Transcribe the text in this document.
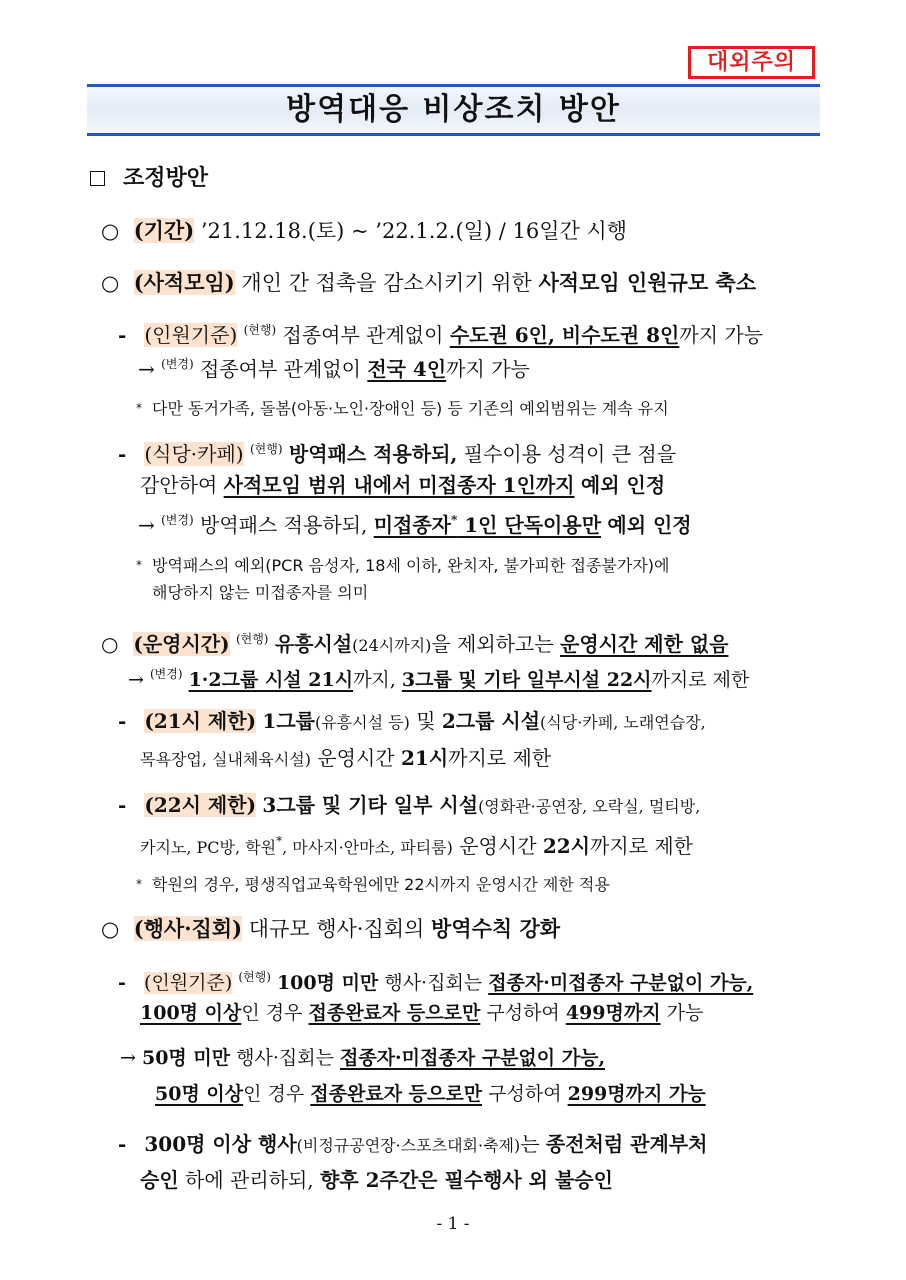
대외주의
방역대응 비상조치 방안
조정방안
○ (기간) ’21.12.18.(토) ~ ’22.1.2.(일) / 16일간 시행
○ (사적모임) 개인 간 접촉을 감소시키기 위한 사적모임 인원규모 축소
- (인원기준) $^{(현행)}$ 접종여부 관계없이 수도권 6인, 비수도권 8인까지 가능
→ $^{(변경)}$ 접종여부 관계없이 전국 4인까지 가능
* 다만 동거가족, 돌봄(아동·노인·장애인 등) 등 기존의 예외범위는 계속 유지
- (식당·카페) $^{(현행)}$ 방역패스 적용하되, 필수이용 성격이 큰 점을
감안하여 사적모임 범위 내에서 미접종자 1인까지 예외 인정
→ $^{(변경)}$ 방역패스 적용하되, 미접종자* 1인 단독이용만 예외 인정
* 방역패스의 예외(PCR 음성자, 18세 이하, 완치자, 불가피한 접종불가자)에
해당하지 않는 미접종자를 의미
○ (운영시간) $^{(현행)}$ 유흥시설(24시까지)을 제외하고는 운영시간 제한 없음
→ $^{(변경)}$ 1·2그룹 시설 21시까지, 3그룹 및 기타 일부시설 22시까지로 제한
- (21시 제한) 1그룹(유흥시설 등) 및 2그룹 시설(식당·카페, 노래연습장,
목욕장업, 실내체육시설) 운영시간 21시까지로 제한
- (22시 제한) 3그룹 및 기타 일부 시설(영화관·공연장, 오락실, 멀티방,
카지노, PC방, 학원*, 마사지·안마소, 파티룸) 운영시간 22시까지로 제한
* 학원의 경우, 평생직업교육학원에만 22시까지 운영시간 제한 적용
○ (행사·집회) 대규모 행사·집회의 방역수칙 강화
- (인원기준) $^{(현행)}$ 100명 미만 행사·집회는 접종자·미접종자 구분없이 가능,
100명 이상인 경우 접종완료자 등으로만 구성하여 499명까지 가능
→ 50명 미만 행사·집회는 접종자·미접종자 구분없이 가능,
50명 이상인 경우 접종완료자 등으로만 구성하여 299명까지 가능
- 300명 이상 행사(비정규공연장·스포츠대회·축제)는 종전처럼 관계부처
승인 하에 관리하되, 향후 2주간은 필수행사 외 불승인
- 1 -
